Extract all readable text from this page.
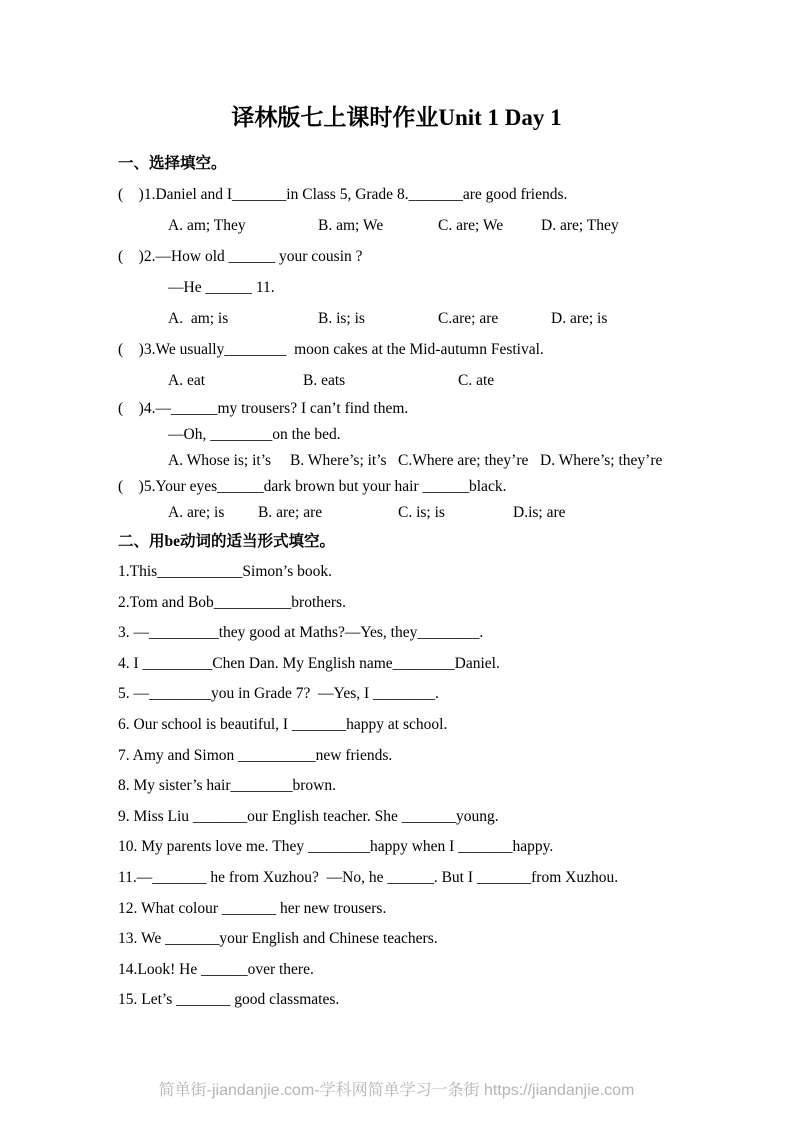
译林版七上课时作业Unit 1 Day 1
一、选择填空。
(    )1.Daniel and I_______in Class 5, Grade 8._______are good friends.
A. am; They	B. am; We	C. are; We	D. are; They
(    )2.—How old ______ your cousin ?
—He ______ 11.
A.  am; is	B. is; is	C.are; are	D. are; is
(    )3.We usually________  moon cakes at the Mid-autumn Festival.
A. eat	B. eats	C. ate
(    )4.—______my trousers? I can’t find them.
—Oh, ________on the bed.
A. Whose is; it’s	B. Where’s; it’s C.Where are; they’re D. Where’s; they’re
(    )5.Your eyes______dark brown but your hair ______black.
A. are; is	B. are; are	C. is; is	D.is; are
二、用be动词的适当形式填空。
1.This___________Simon’s book.
2.Tom and Bob__________brothers.
3. —_________they good at Maths?—Yes, they________.
4. I _________Chen Dan. My English name________Daniel.
5. —________you in Grade 7?  —Yes, I ________.
6. Our school is beautiful, I _______happy at school.
7. Amy and Simon __________new friends.
8. My sister’s hair________brown.
9. Miss Liu _______our English teacher. She _______young.
10. My parents love me. They ________happy when I _______happy.
11.—_______ he from Xuzhou?  —No, he ______. But I _______from Xuzhou.
12. What colour _______ her new trousers.
13. We _______your English and Chinese teachers.
14.Look! He ______over there.
15. Let’s _______ good classmates.
简单街-jiandanjie.com-学科网简单学习一条街 https://jiandanjie.com
